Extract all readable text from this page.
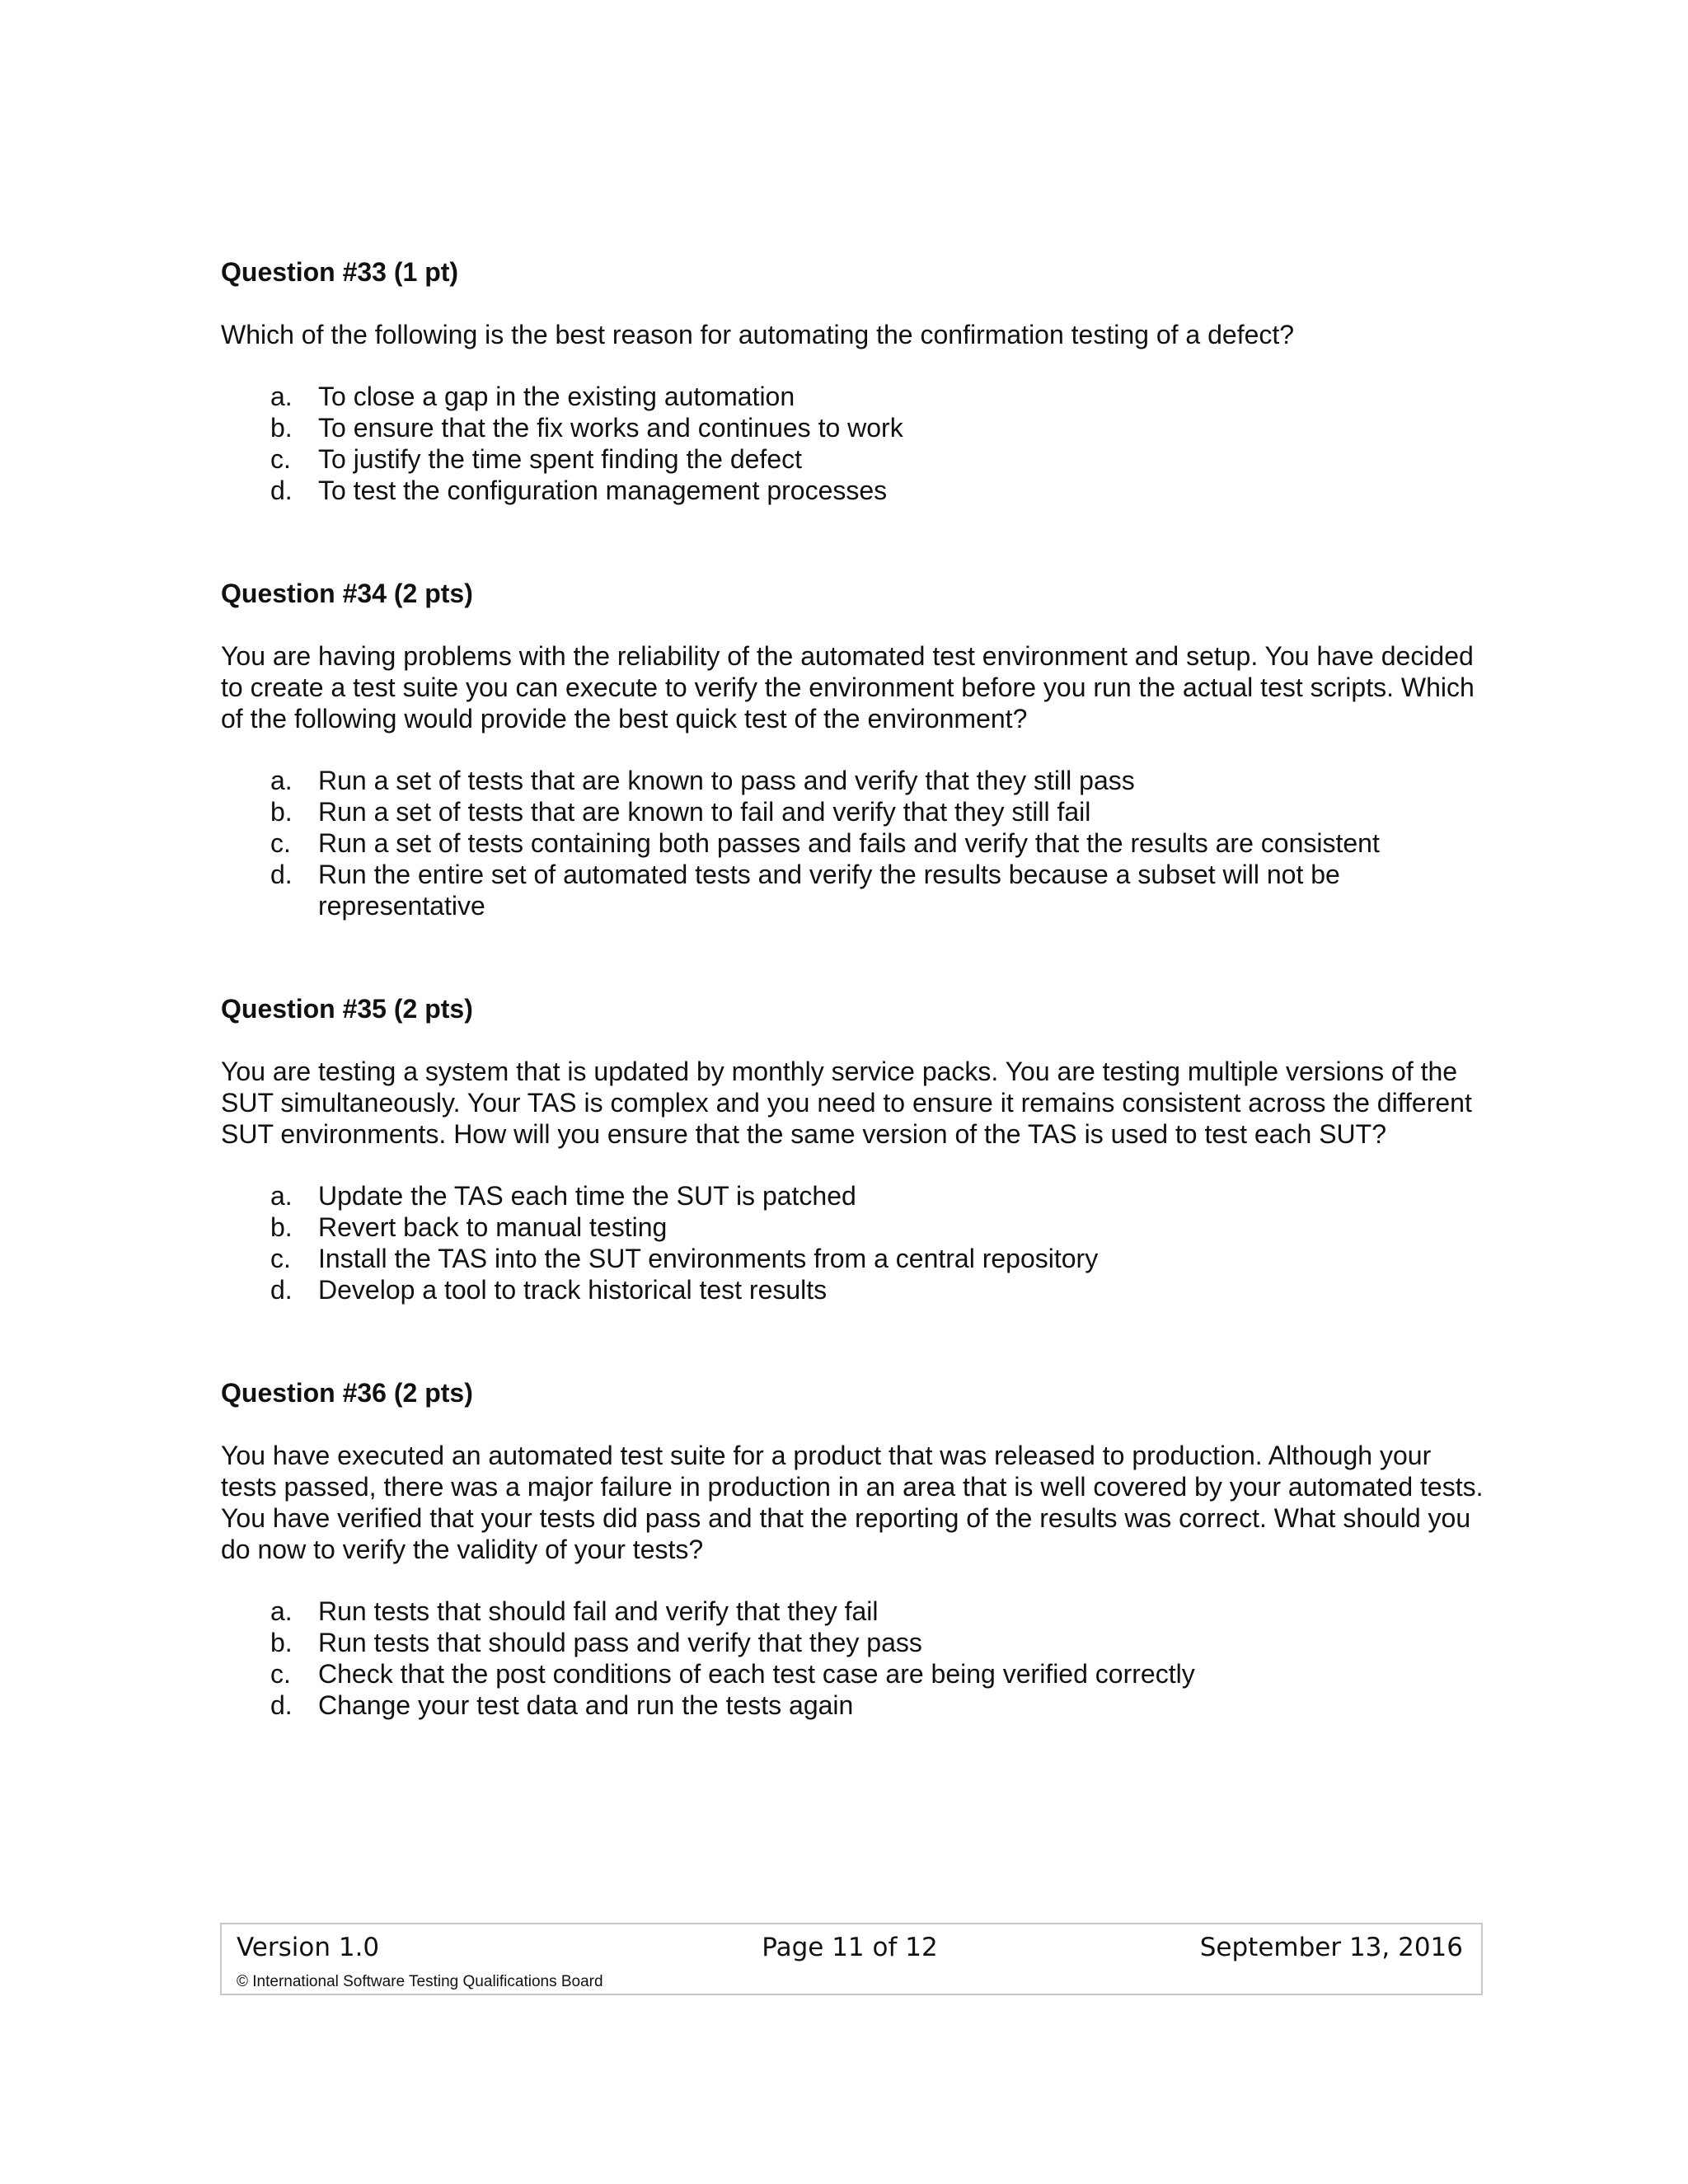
Question #33 (1 pt)
Which of the following is the best reason for automating the confirmation testing of a defect?
a. To close a gap in the existing automation
b. To ensure that the fix works and continues to work
c.	To justify the time spent finding the defect
d. To test the configuration management processes
Question #34 (2 pts)
You are having problems with the reliability of the automated test environment and setup. You have decided to create a test suite you can execute to verify the environment before you run the actual test scripts. Which of the following would provide the best quick test of the environment?
a. Run a set of tests that are known to pass and verify that they still pass
b. Run a set of tests that are known to fail and verify that they still fail
c.	Run a set of tests containing both passes and fails and verify that the results are consistent
d. Run the entire set of automated tests and verify the results because a subset will not be representative
Question #35 (2 pts)
You are testing a system that is updated by monthly service packs. You are testing multiple versions of the SUT simultaneously. Your TAS is complex and you need to ensure it remains consistent across the different SUT environments. How will you ensure that the same version of the TAS is used to test each SUT?
a. Update the TAS each time the SUT is patched
b. Revert back to manual testing
c.	Install the TAS into the SUT environments from a central repository
d. Develop a tool to track historical test results
Question #36 (2 pts)
You have executed an automated test suite for a product that was released to production. Although your tests passed, there was a major failure in production in an area that is well covered by your automated tests. You have verified that your tests did pass and that the reporting of the results was correct. What should you do now to verify the validity of your tests?
a. Run tests that should fail and verify that they fail
b. Run tests that should pass and verify that they pass
c.	Check that the post conditions of each test case are being verified correctly
d. Change your test data and run the tests again
Version 1.0	Page 11 of 12	September 13, 2016
© International Software Testing Qualifications Board
